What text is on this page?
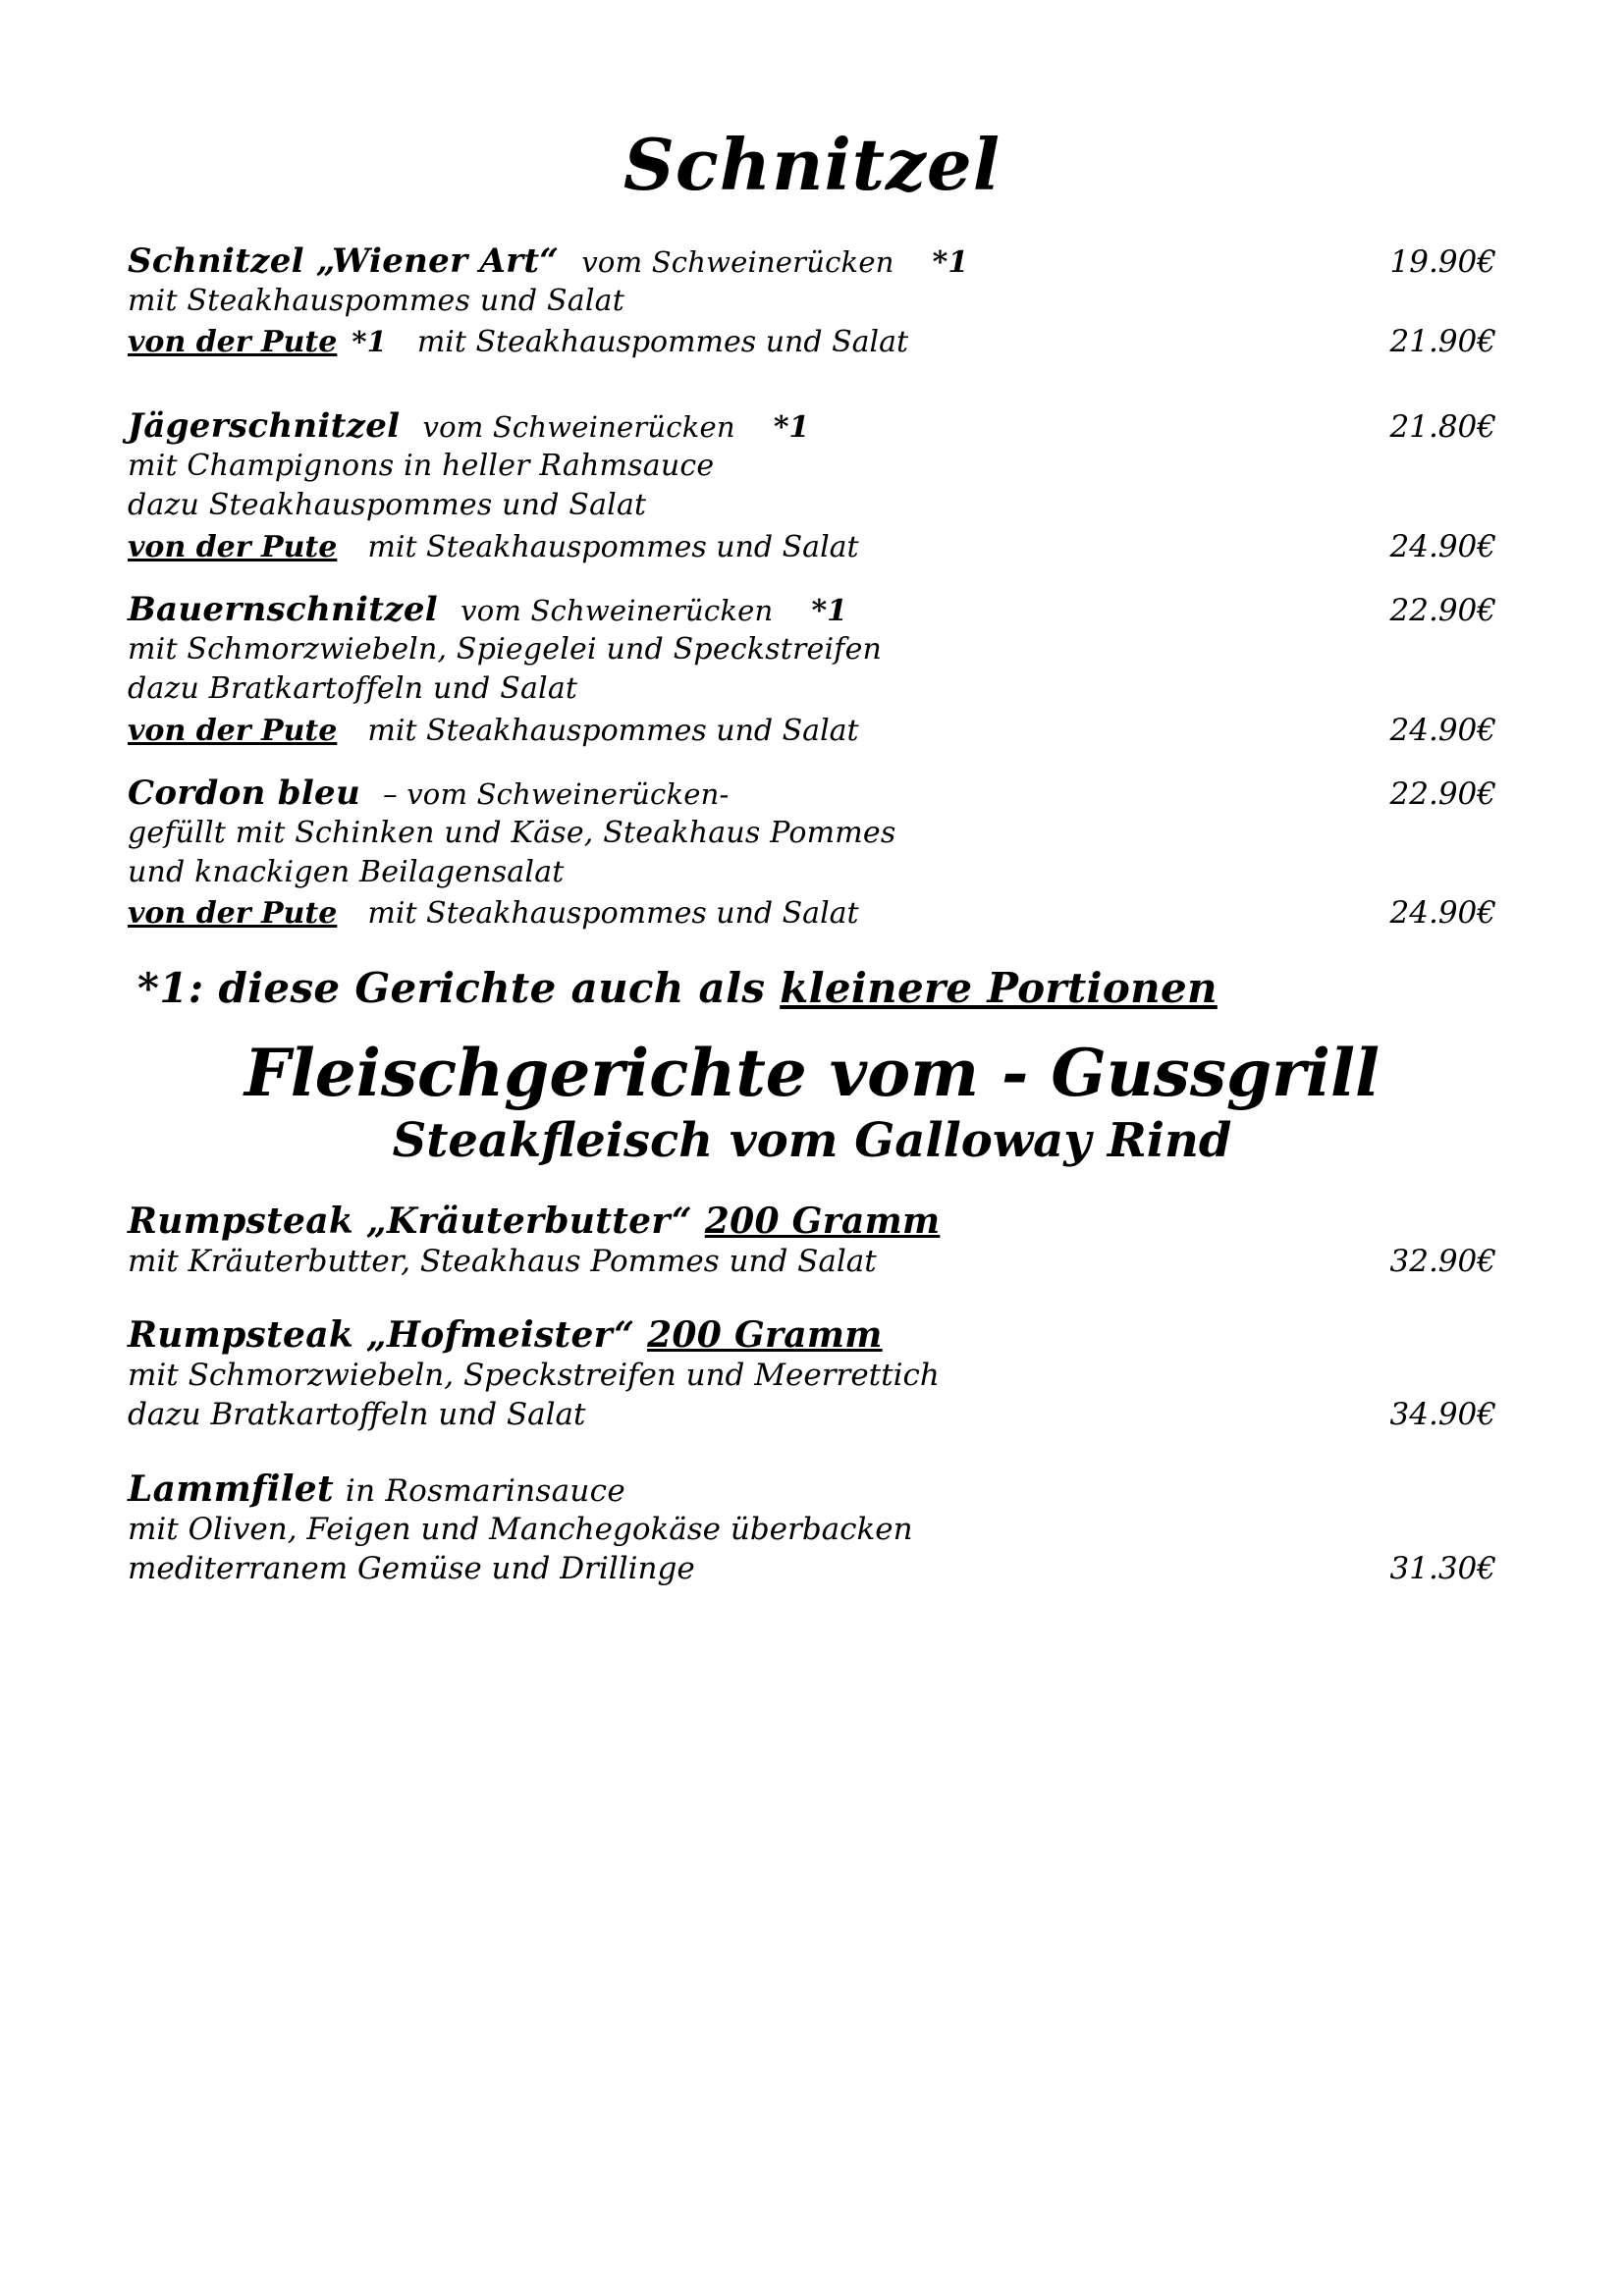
Schnitzel
Schnitzel „Wiener Art“ vom Schweinerücken *1	19.90€
mit Steakhauspommes und Salat
von der Pute *1 mit Steakhauspommes und Salat	21.90€
Jägerschnitzel vom Schweinerücken *1	21.80€
mit Champignons in heller Rahmsauce
dazu Steakhauspommes und Salat
von der Pute mit Steakhauspommes und Salat	24.90€
Bauernschnitzel vom Schweinerücken *1	22.90€
mit Schmorzwiebeln, Spiegelei und Speckstreifen
dazu Bratkartoffeln und Salat
von der Pute mit Steakhauspommes und Salat	24.90€
Cordon bleu – vom Schweinerücken-	22.90€
gefüllt mit Schinken und Käse, Steakhaus Pommes
und knackigen Beilagensalat
von der Pute mit Steakhauspommes und Salat	24.90€
*1: diese Gerichte auch als kleinere Portionen
Fleischgerichte vom - Gussgrill
Steakfleisch vom Galloway Rind
Rumpsteak „Kräuterbutter“ 200 Gramm
mit Kräuterbutter, Steakhaus Pommes und Salat	32.90€
Rumpsteak „Hofmeister“ 200 Gramm
mit Schmorzwiebeln, Speckstreifen und Meerrettich
dazu Bratkartoffeln und Salat	34.90€
Lammfilet in Rosmarinsauce
mit Oliven, Feigen und Manchegokäse überbacken
mediterranem Gemüse und Drillinge	31.30€
